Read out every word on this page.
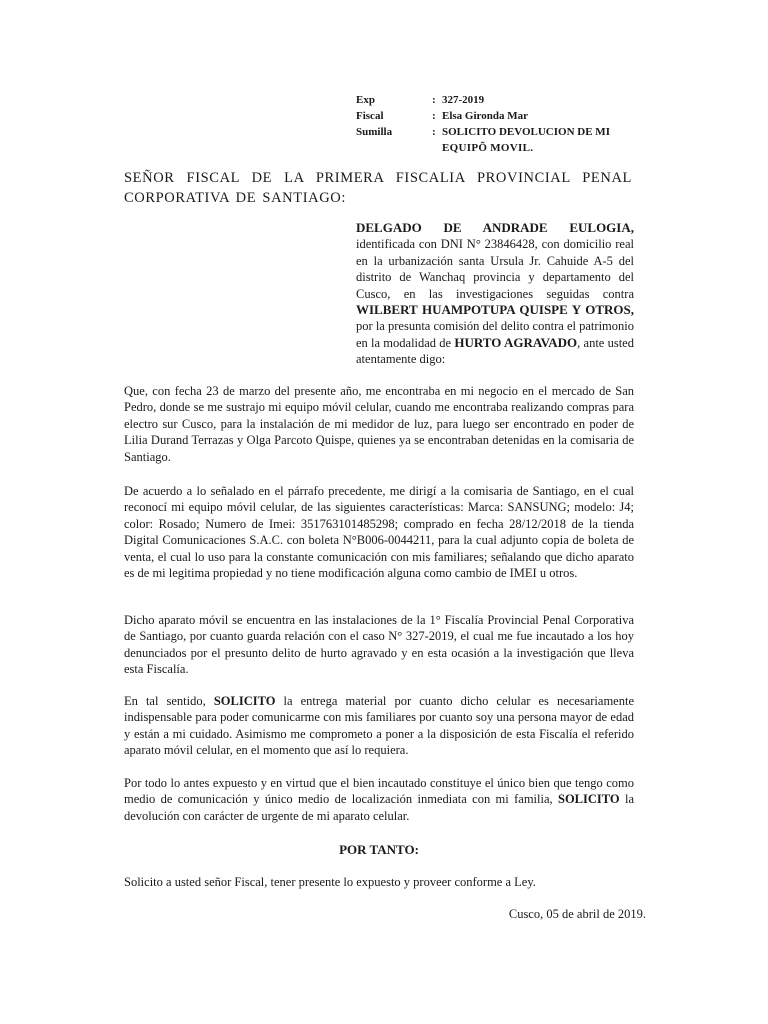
Exp	: 327-2019
Fiscal	: Elsa Gironda Mar
Sumilla	: SOLICITO DEVOLUCION DE MI
EQUIPÕ MOVIL.
SEÑOR FISCAL DE LA PRIMERA FISCALIA PROVINCIAL PENAL
CORPORATIVA DE SANTIAGO:
DELGADO DE ANDRADE EULOGIA, identificada con DNI N° 23846428, con domicilio real en la urbanización santa Ursula Jr. Cahuide A-5 del distrito de Wanchaq provincia y departamento del Cusco, en las investigaciones seguidas contra WILBERT HUAMPOTUPA QUISPE Y OTROS, por la presunta comisión del delito contra el patrimonio en la modalidad de HURTO AGRAVADO, ante usted atentamente digo:
Que, con fecha 23 de marzo del presente año, me encontraba en mi negocio en el mercado de San Pedro, donde se me sustrajo mi equipo móvil celular, cuando me encontraba realizando compras para electro sur Cusco, para la instalación de mi medidor de luz, para luego ser encontrado en poder de Lilia Durand Terrazas y Olga Parcoto Quispe, quienes ya se encontraban detenidas en la comisaria de Santiago.
De acuerdo a lo señalado en el párrafo precedente, me dirigí a la comisaria de Santiago, en el cual reconocí mi equipo móvil celular, de las siguientes características: Marca: SANSUNG; modelo: J4; color: Rosado; Numero de Imei: 351763101485298; comprado en fecha 28/12/2018 de la tienda Digital Comunicaciones S.A.C. con boleta N°B006-0044211, para la cual adjunto copia de boleta de venta, el cual lo uso para la constante comunicación con mis familiares; señalando que dicho aparato es de mi legitima propiedad y no tiene modificación alguna como cambio de IMEI u otros.
Dicho aparato móvil se encuentra en las instalaciones de la 1° Fiscalía Provincial Penal Corporativa de Santiago, por cuanto guarda relación con el caso N° 327-2019, el cual me fue incautado a los hoy denunciados por el presunto delito de hurto agravado y en esta ocasión a la investigación que lleva esta Fiscalía.
En tal sentido, SOLICITO la entrega material por cuanto dicho celular es necesariamente indispensable para poder comunicarme con mis familiares por cuanto soy una persona mayor de edad y están a mi cuidado. Asimismo me comprometo a poner a la disposición de esta Fiscalía el referido aparato móvil celular, en el momento que así lo requiera.
Por todo lo antes expuesto y en virtud que el bien incautado constituye el único bien que tengo como medio de comunicación y único medio de localización inmediata con mi familia, SOLICITO la devolución con carácter de urgente de mi aparato celular.
POR TANTO:
Solicito a usted señor Fiscal, tener presente lo expuesto y proveer conforme a Ley.
Cusco, 05 de abril de 2019.
